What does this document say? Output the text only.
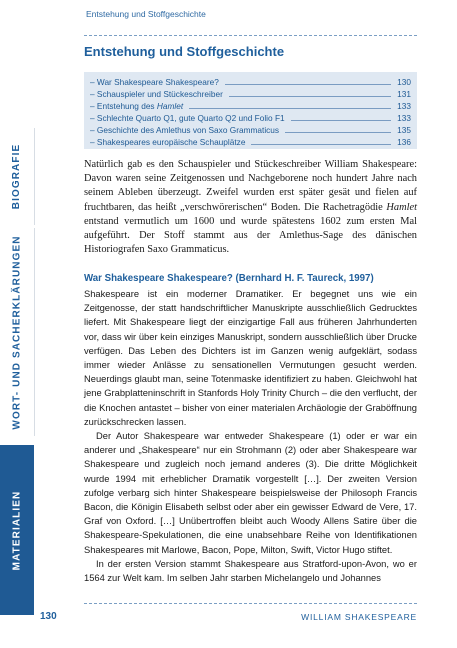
BIOGRAFIE
WORT- UND SACHERKLÄRUNGEN
MATERIALIEN
Entstehung und Stoffgeschichte
Entstehung und Stoffgeschichte
– War Shakespeare Shakespeare?	130
– Schauspieler und Stückeschreiber	131
– Entstehung des Hamlet	133
– Schlechte Quarto Q1, gute Quarto Q2 und Folio F1	133
– Geschichte des Amlethus von Saxo Grammaticus	135
– Shakespeares europäische Schauplätze	136
Natürlich gab es den Schauspieler und Stückeschreiber William Shakespeare: Davon waren seine Zeitgenossen und Nachgeborene noch hundert Jahre nach seinem Ableben überzeugt. Zweifel wurden erst später gesät und fielen auf fruchtbaren, das heißt „verschwörerischen“ Boden. Die Rachetragödie Hamlet entstand vermutlich um 1600 und wurde spätestens 1602 zum ersten Mal aufgeführt. Der Stoff stammt aus der Amlethus-Sage des dänischen Historiografen Saxo Grammaticus.
War Shakespeare Shakespeare? (Bernhard H. F. Taureck, 1997)

Shakespeare ist ein moderner Dramatiker. Er begegnet uns wie ein Zeitgenosse, der statt handschriftlicher Manuskripte ausschließlich Gedrucktes liefert. Mit Shakespeare liegt der einzigartige Fall aus früheren Jahrhunderten vor, dass wir über kein einziges Manuskript, sondern ausschließlich über Drucke verfügen. Das Leben des Dichters ist im Ganzen wenig aufgeklärt, sodass immer wieder Anlässe zu sensationellen Vermutungen gesucht werden. Neuerdings glaubt man, seine Totenmaske identifiziert zu haben. Gleichwohl hat jene Grabplatteninschrift in Stanfords Holy Trinity Church – die den verflucht, der die Knochen antastet – bisher von einer materialen Archäologie der Graböffnung zurückschrecken lassen.

Der Autor Shakespeare war entweder Shakespeare (1) oder er war ein anderer und „Shakespeare“ nur ein Strohmann (2) oder aber Shakespeare war Shakespeare und zugleich noch jemand anderes (3). Die dritte Möglichkeit wurde 1994 mit erheblicher Dramatik vorgestellt […]. Der zweiten Version zufolge verbarg sich hinter Shakespeare beispielsweise der Philosoph Francis Bacon, die Königin Elisabeth selbst oder aber ein gewisser Edward de Vere, 17. Graf von Oxford. […] Unübertroffen bleibt auch Woody Allens Satire über die Shakespeare-Spekulationen, die eine unabsehbare Reihe von Identifikationen Shakespeares mit Marlowe, Bacon, Pope, Milton, Swift, Victor Hugo stiftet.

In der ersten Version stammt Shakespeare aus Stratford-upon-Avon, wo er 1564 zur Welt kam. Im selben Jahr starben Michelangelo und Johannes

130	WILLIAM SHAKESPEARE
